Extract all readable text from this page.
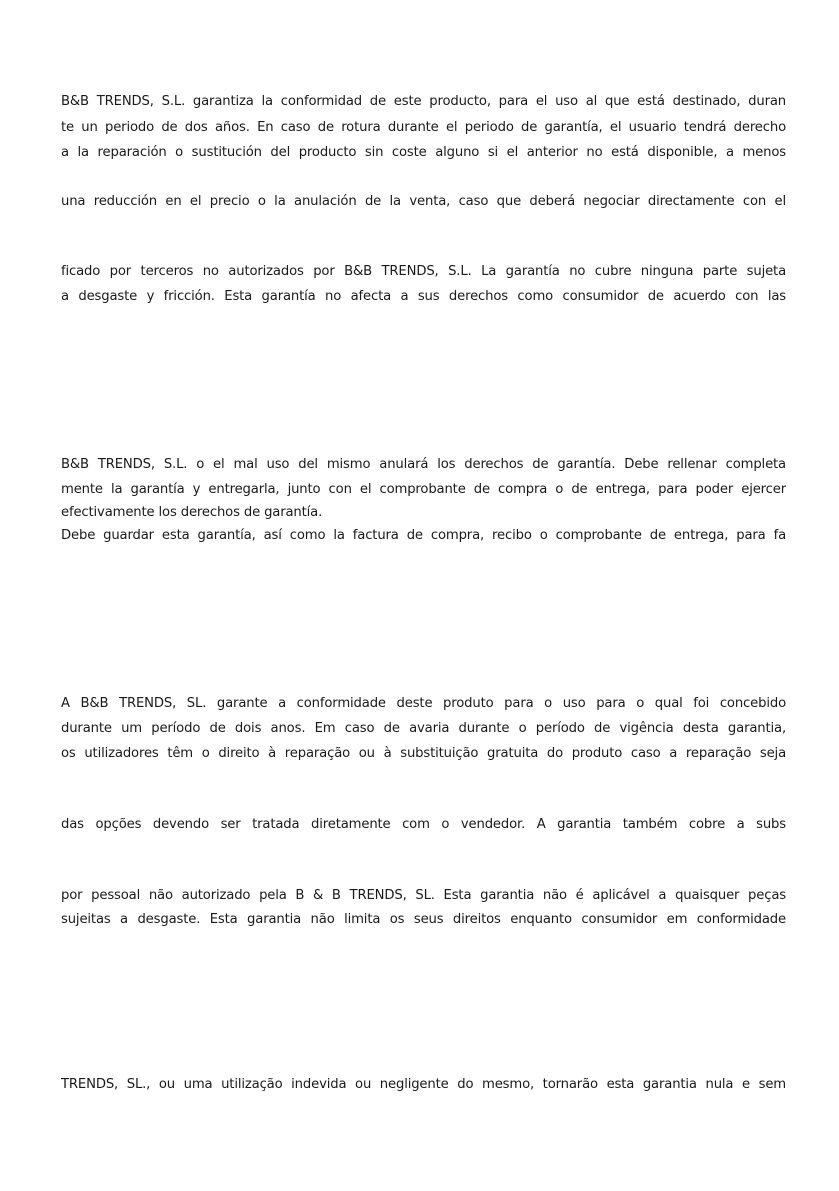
B&B TRENDS, S.L. garantiza la conformidad de este producto, para el uso al que está destinado, duran
te un periodo de dos años. En caso de rotura durante el periodo de garantía, el usuario tendrá derecho
a la reparación o sustitución del producto sin coste alguno si el anterior no está disponible, a menos
una reducción en el precio o la anulación de la venta, caso que deberá negociar directamente con el
ficado por terceros no autorizados por B&B TRENDS, S.L. La garantía no cubre ninguna parte sujeta
a desgaste y fricción. Esta garantía no afecta a sus derechos como consumidor de acuerdo con las
B&B TRENDS, S.L. o el mal uso del mismo anulará los derechos de garantía. Debe rellenar completa
mente la garantía y entregarla, junto con el comprobante de compra o de entrega, para poder ejercer
efectivamente los derechos de garantía.
Debe guardar esta garantía, así como la factura de compra, recibo o comprobante de entrega, para fa
A B&B TRENDS, SL. garante a conformidade deste produto para o uso para o qual foi concebido
durante um período de dois anos. Em caso de avaria durante o período de vigência desta garantia,
os utilizadores têm o direito à reparação ou à substituição gratuita do produto caso a reparação seja
das opções devendo ser tratada diretamente com o vendedor. A garantia também cobre a subs
por pessoal não autorizado pela B & B TRENDS, SL. Esta garantia não é aplicável a quaisquer peças
sujeitas a desgaste. Esta garantia não limita os seus direitos enquanto consumidor em conformidade
TRENDS, SL., ou uma utilização indevida ou negligente do mesmo, tornarão esta garantia nula e sem
